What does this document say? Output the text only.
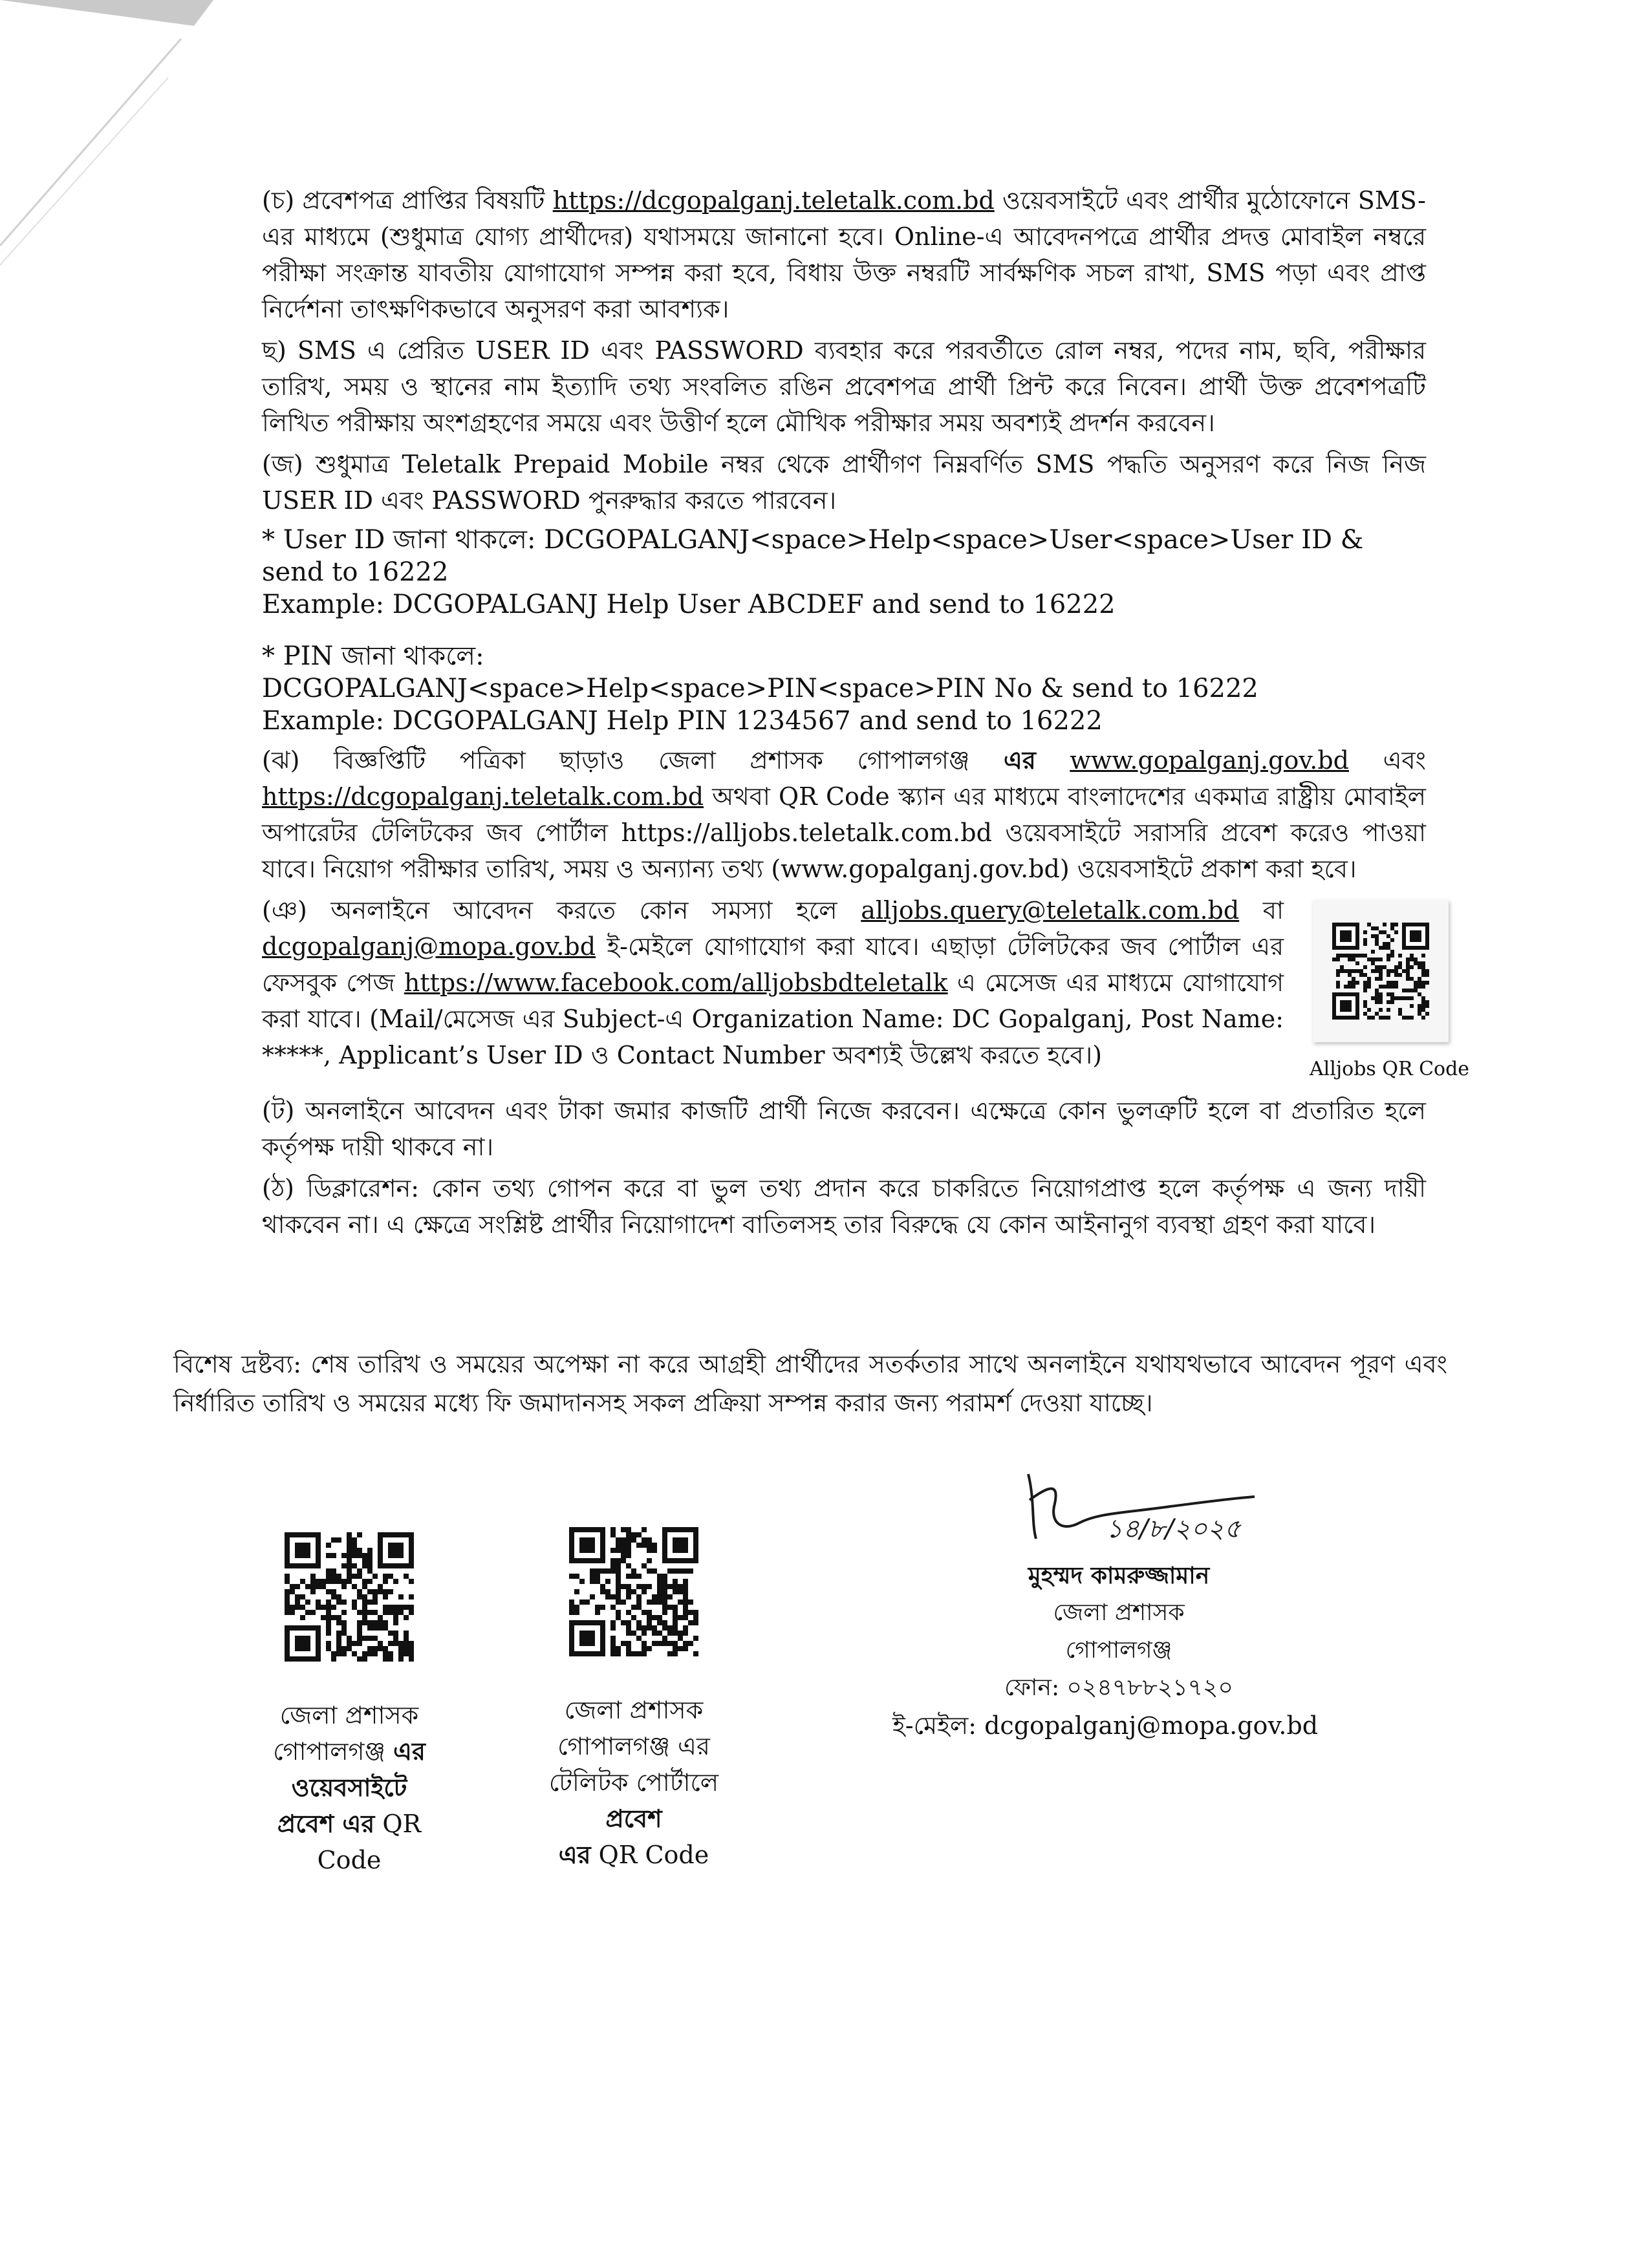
(চ) প্রবেশপত্র প্রাপ্তির বিষয়টি https://dcgopalganj.teletalk.com.bd ওয়েবসাইটে এবং প্রার্থীর মুঠোফোনে SMS-এর মাধ্যমে (শুধুমাত্র যোগ্য প্রার্থীদের) যথাসময়ে জানানো হবে। Online-এ আবেদনপত্রে প্রার্থীর প্রদত্ত মোবাইল নম্বরে পরীক্ষা সংক্রান্ত যাবতীয় যোগাযোগ সম্পন্ন করা হবে, বিধায় উক্ত নম্বরটি সার্বক্ষণিক সচল রাখা, SMS পড়া এবং প্রাপ্ত নির্দেশনা তাৎক্ষণিকভাবে অনুসরণ করা আবশ্যক।

ছ) SMS এ প্রেরিত USER ID এবং PASSWORD ব্যবহার করে পরবর্তীতে রোল নম্বর, পদের নাম, ছবি, পরীক্ষার তারিখ, সময় ও স্থানের নাম ইত্যাদি তথ্য সংবলিত রঙিন প্রবেশপত্র প্রার্থী প্রিন্ট করে নিবেন। প্রার্থী উক্ত প্রবেশপত্রটি লিখিত পরীক্ষায় অংশগ্রহণের সময়ে এবং উত্তীর্ণ হলে মৌখিক পরীক্ষার সময় অবশ্যই প্রদর্শন করবেন।

(জ) শুধুমাত্র Teletalk Prepaid Mobile নম্বর থেকে প্রার্থীগণ নিম্নবর্ণিত SMS পদ্ধতি অনুসরণ করে নিজ নিজ USER ID এবং PASSWORD পুনরুদ্ধার করতে পারবেন।

* User ID জানা থাকলে: DCGOPALGANJ<space>Help<space>User<space>User ID & send to 16222

Example: DCGOPALGANJ Help User ABCDEF and send to 16222

* PIN জানা থাকলে:

DCGOPALGANJ<space>Help<space>PIN<space>PIN No & send to 16222

Example: DCGOPALGANJ Help PIN 1234567 and send to 16222

(ঝ) বিজ্ঞপ্তিটি পত্রিকা ছাড়াও জেলা প্রশাসক গোপালগঞ্জ এর www.gopalganj.gov.bd এবং https://dcgopalganj.teletalk.com.bd অথবা QR Code স্ক্যান এর মাধ্যমে বাংলাদেশের একমাত্র রাষ্ট্রীয় মোবাইল অপারেটর টেলিটকের জব পোর্টাল https://alljobs.teletalk.com.bd ওয়েবসাইটে সরাসরি প্রবেশ করেও পাওয়া যাবে। নিয়োগ পরীক্ষার তারিখ, সময় ও অন্যান্য তথ্য (www.gopalganj.gov.bd) ওয়েবসাইটে প্রকাশ করা হবে।

(ঞ) অনলাইনে আবেদন করতে কোন সমস্যা হলে alljobs.query@teletalk.com.bd বা dcgopalganj@mopa.gov.bd ই-মেইলে যোগাযোগ করা যাবে। এছাড়া টেলিটকের জব পোর্টাল এর ফেসবুক পেজ https://www.facebook.com/alljobsbdteletalk এ মেসেজ এর মাধ্যমে যোগাযোগ করা যাবে। (Mail/মেসেজ এর Subject-এ Organization Name: DC Gopalganj, Post Name: *****, Applicant’s User ID ও Contact Number অবশ্যই উল্লেখ করতে হবে।)	Alljobs QR Code

(ট) অনলাইনে আবেদন এবং টাকা জমার কাজটি প্রার্থী নিজে করবেন। এক্ষেত্রে কোন ভুলত্রুটি হলে বা প্রতারিত হলে কর্তৃপক্ষ দায়ী থাকবে না।

(ঠ) ডিক্লারেশন: কোন তথ্য গোপন করে বা ভুল তথ্য প্রদান করে চাকরিতে নিয়োগপ্রাপ্ত হলে কর্তৃপক্ষ এ জন্য দায়ী থাকবেন না। এ ক্ষেত্রে সংশ্লিষ্ট প্রার্থীর নিয়োগাদেশ বাতিলসহ তার বিরুদ্ধে যে কোন আইনানুগ ব্যবস্থা গ্রহণ করা যাবে।

বিশেষ দ্রষ্টব্য: শেষ তারিখ ও সময়ের অপেক্ষা না করে আগ্রহী প্রার্থীদের সতর্কতার সাথে অনলাইনে যথাযথভাবে আবেদন পূরণ এবং নির্ধারিত তারিখ ও সময়ের মধ্যে ফি জমাদানসহ সকল প্রক্রিয়া সম্পন্ন করার জন্য পরামর্শ দেওয়া যাচ্ছে।
জেলা প্রশাসক
গোপালগঞ্জ এর
ওয়েবসাইটে
প্রবেশ এর QR
Code
জেলা প্রশাসক
গোপালগঞ্জ এর
টেলিটক পোর্টালে
প্রবেশ
এর QR Code
১৪/৮/২০২৫
মুহম্মদ কামরুজ্জামান
জেলা প্রশাসক
গোপালগঞ্জ
ফোন: ০২৪৭৮৮২১৭২০
ই-মেইল: dcgopalganj@mopa.gov.bd
